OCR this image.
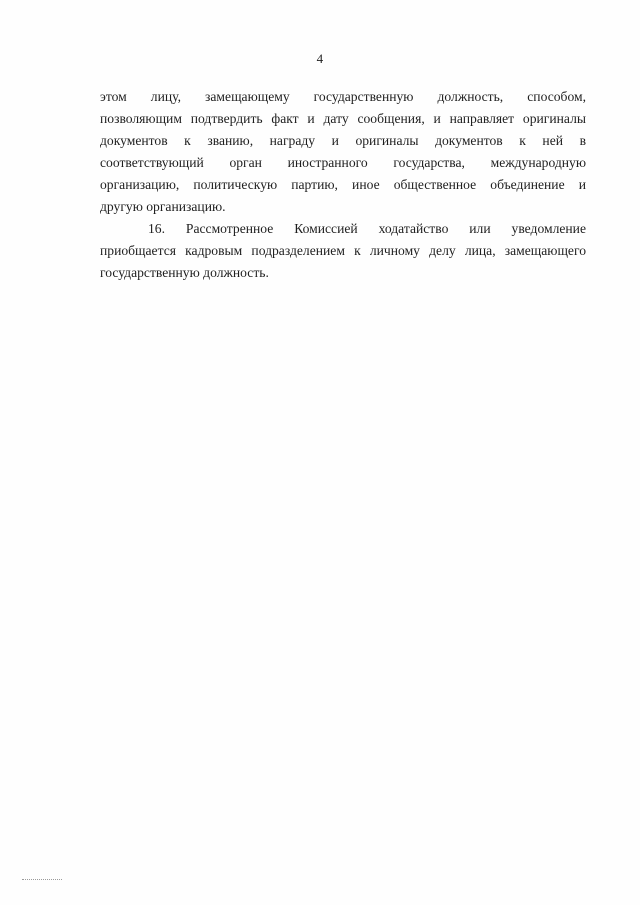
4
этом лицу, замещающему государственную должность, способом,
позволяющим подтвердить факт и дату сообщения, и направляет оригиналы
документов к званию, награду и оригиналы документов к ней в
соответствующий орган иностранного государства, международную
организацию, политическую партию, иное общественное объединение и
другую организацию.
16. Рассмотренное Комиссией ходатайство или уведомление
приобщается кадровым подразделением к личному делу лица, замещающего
государственную должность.
